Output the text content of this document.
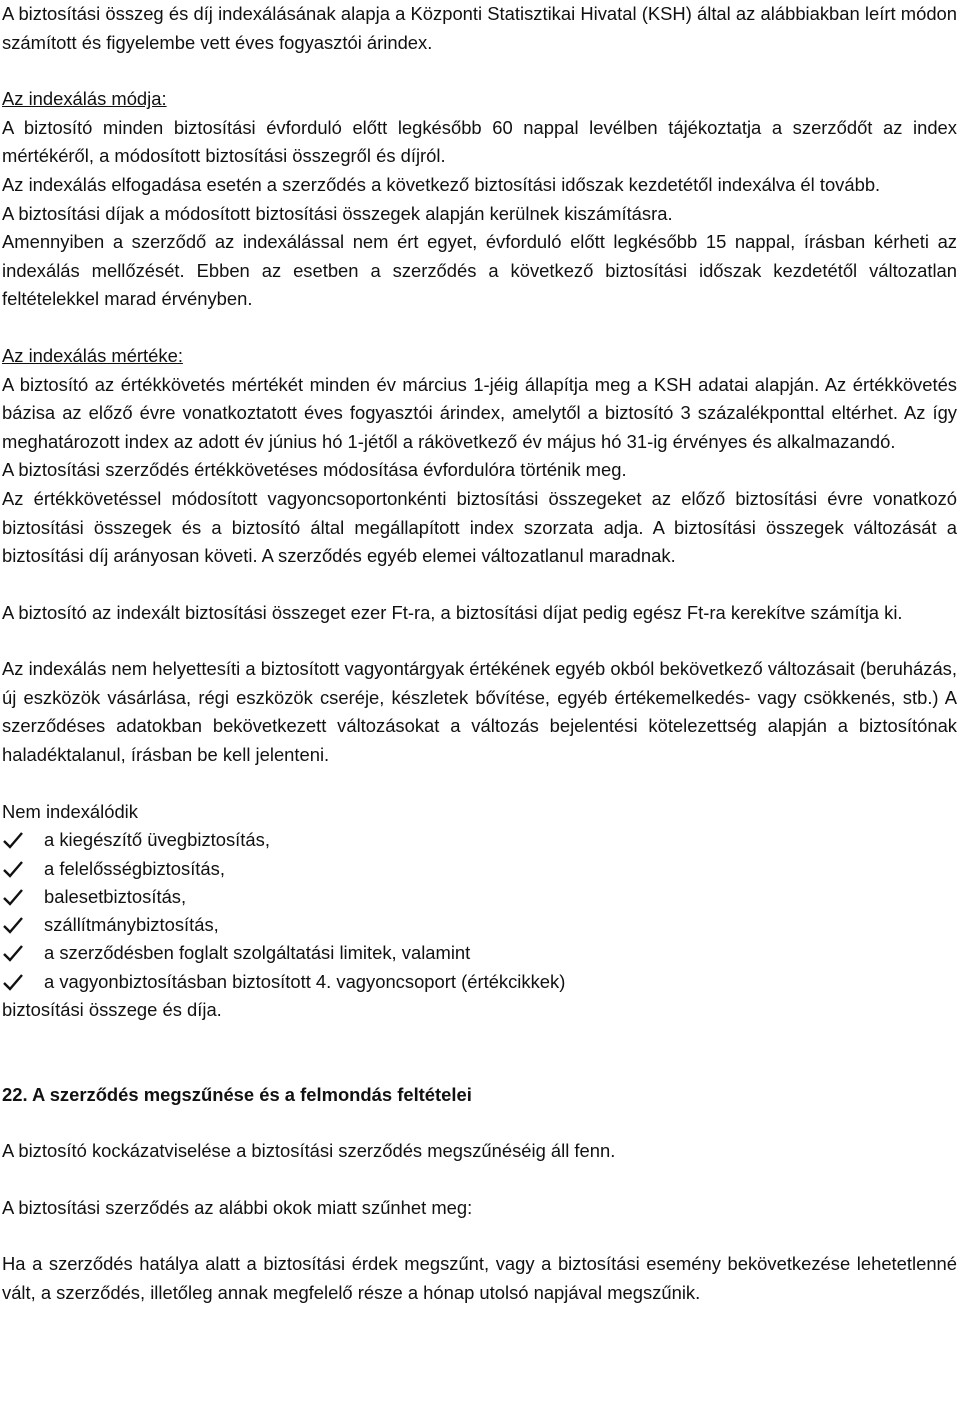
A biztosítási összeg és díj indexálásának alapja a Központi Statisztikai Hivatal (KSH) által az alábbiakban leírt módon számított és figyelembe vett éves fogyasztói árindex.

Az indexálás módja:

A biztosító minden biztosítási évforduló előtt legkésőbb 60 nappal levélben tájékoztatja a szerződőt az index mértékéről, a módosított biztosítási összegről és díjról.

Az indexálás elfogadása esetén a szerződés a következő biztosítási időszak kezdetétől indexálva él tovább.

A biztosítási díjak a módosított biztosítási összegek alapján kerülnek kiszámításra.

Amennyiben a szerződő az indexálással nem ért egyet, évforduló előtt legkésőbb 15 nappal, írásban kérheti az indexálás mellőzését. Ebben az esetben a szerződés a következő biztosítási időszak kezdetétől változatlan feltételekkel marad érvényben.

Az indexálás mértéke:

A biztosító az értékkövetés mértékét minden év március 1-jéig állapítja meg a KSH adatai alapján. Az értékkövetés bázisa az előző évre vonatkoztatott éves fogyasztói árindex, amelytől a biztosító 3 százalékponttal eltérhet. Az így meghatározott index az adott év június hó 1-jétől a rákövetkező év május hó 31-ig érvényes és alkalmazandó.

A biztosítási szerződés értékkövetéses módosítása évfordulóra történik meg.

Az értékkövetéssel módosított vagyoncsoportonkénti biztosítási összegeket az előző biztosítási évre vonatkozó biztosítási összegek és a biztosító által megállapított index szorzata adja. A biztosítási összegek változását a biztosítási díj arányosan követi. A szerződés egyéb elemei változatlanul maradnak.

A biztosító az indexált biztosítási összeget ezer Ft-ra, a biztosítási díjat pedig egész Ft-ra kerekítve számítja ki.

Az indexálás nem helyettesíti a biztosított vagyontárgyak értékének egyéb okból bekövetkező változásait (beruházás, új eszközök vásárlása, régi eszközök cseréje, készletek bővítése, egyéb értékemelkedés- vagy csökkenés, stb.) A szerződéses adatokban bekövetkezett változásokat a változás bejelentési kötelezettség alapján a biztosítónak haladéktalanul, írásban be kell jelenteni.

Nem indexálódik

a kiegészítő üvegbiztosítás,
a felelősségbiztosítás,
balesetbiztosítás,
szállítmánybiztosítás,
a szerződésben foglalt szolgáltatási limitek, valamint
a vagyonbiztosításban biztosított 4. vagyoncsoport (értékcikkek)

biztosítási összege és díja.

22. A szerződés megszűnése és a felmondás feltételei

A biztosító kockázatviselése a biztosítási szerződés megszűnéséig áll fenn.

A biztosítási szerződés az alábbi okok miatt szűnhet meg:

Ha a szerződés hatálya alatt a biztosítási érdek megszűnt, vagy a biztosítási esemény bekövetkezése lehetetlenné vált, a szerződés, illetőleg annak megfelelő része a hónap utolsó napjával megszűnik.
